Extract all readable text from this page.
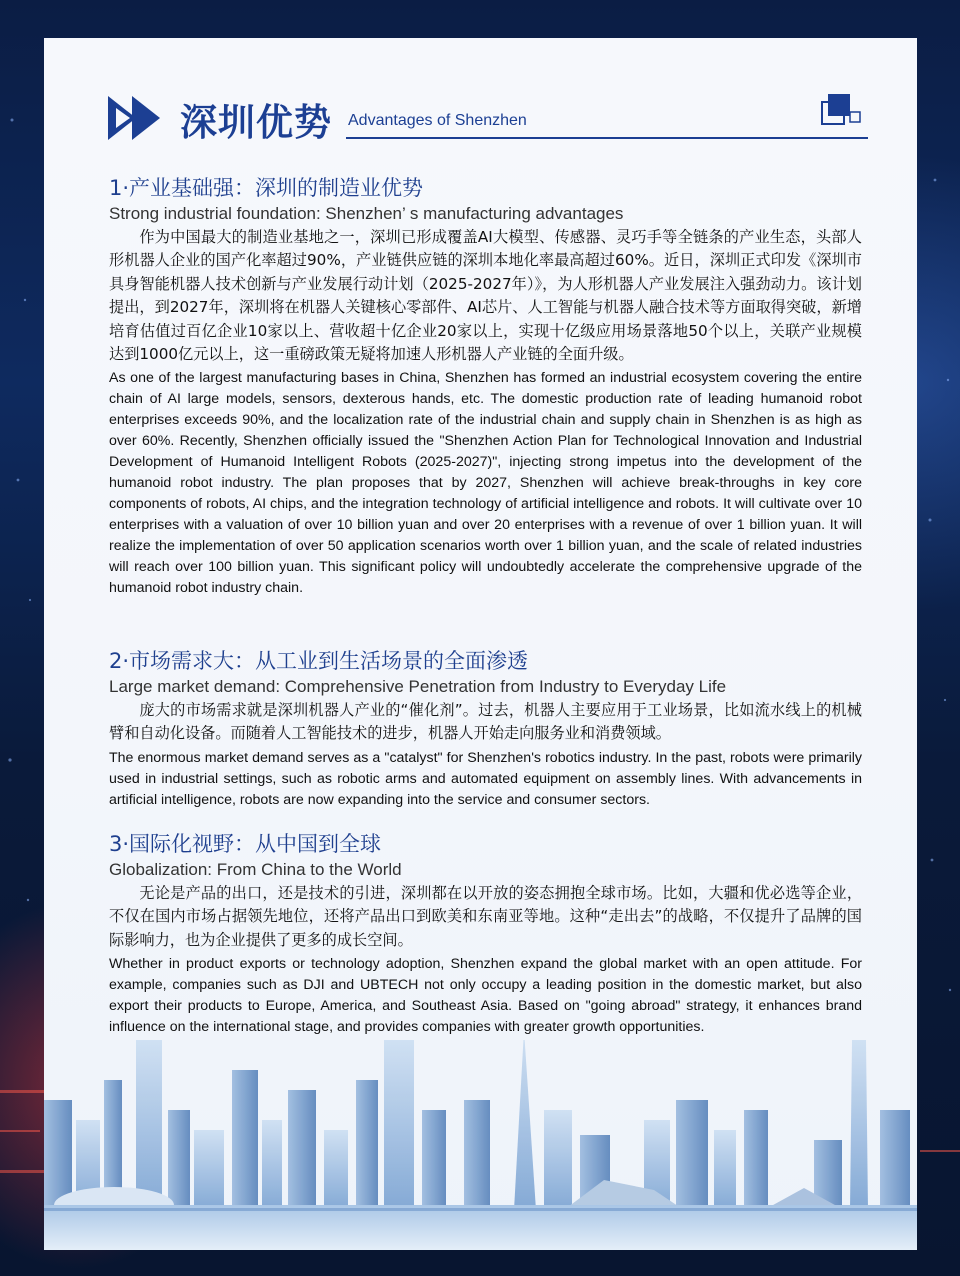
深圳优势 Advantages of Shenzhen
1·产业基础强：深圳的制造业优势
Strong industrial foundation: Shenzhen’ s manufacturing advantages
作为中国最大的制造业基地之一，深圳已形成覆盖AI大模型、传感器、灵巧手等全链条的产业生态，头部人形机器人企业的国产化率超过90%，产业链供应链的深圳本地化率最高超过60%。近日，深圳正式印发《深圳市具身智能机器人技术创新与产业发展行动计划（2025-2027年）》，为人形机器人产业发展注入强劲动力。该计划提出，到2027年，深圳将在机器人关键核心零部件、AI芯片、人工智能与机器人融合技术等方面取得突破，新增培育估值过百亿企业10家以上、营收超十亿企业20家以上，实现十亿级应用场景落地50个以上，关联产业规模达到1000亿元以上，这一重磅政策无疑将加速人形机器人产业链的全面升级。
As one of the largest manufacturing bases in China, Shenzhen has formed an industrial ecosystem covering the entire chain of AI large models, sensors, dexterous hands, etc. The domestic production rate of leading humanoid robot enterprises exceeds 90%, and the localization rate of the industrial chain and supply chain in Shenzhen is as high as over 60%. Recently, Shenzhen officially issued the "Shenzhen Action Plan for Technological Innovation and Industrial Development of Humanoid Intelligent Robots (2025-2027)", injecting strong impetus into the development of the humanoid robot industry. The plan proposes that by 2027, Shenzhen will achieve break-throughs in key core components of robots, AI chips, and the integration technology of artificial intelligence and robots. It will cultivate over 10 enterprises with a valuation of over 10 billion yuan and over 20 enterprises with a revenue of over 1 billion yuan. It will realize the implementation of over 50 application scenarios worth over 1 billion yuan, and the scale of related industries will reach over 100 billion yuan. This significant policy will undoubtedly accelerate the comprehensive upgrade of the humanoid robot industry chain.
2·市场需求大：从工业到生活场景的全面渗透
Large market demand: Comprehensive Penetration from Industry to Everyday Life
庞大的市场需求就是深圳机器人产业的“催化剂”。过去，机器人主要应用于工业场景，比如流水线上的机械臂和自动化设备。而随着人工智能技术的进步，机器人开始走向服务业和消费领域。
The enormous market demand serves as a "catalyst" for Shenzhen's robotics industry. In the past, robots were primarily used in industrial settings, such as robotic arms and automated equipment on assembly lines. With advancements in artificial intelligence, robots are now expanding into the service and consumer sectors.
3·国际化视野：从中国到全球
Globalization: From China to the World
无论是产品的出口，还是技术的引进，深圳都在以开放的姿态拥抱全球市场。比如，大疆和优必选等企业，不仅在国内市场占据领先地位，还将产品出口到欧美和东南亚等地。这种“走出去”的战略，不仅提升了品牌的国际影响力，也为企业提供了更多的成长空间。
Whether in product exports or technology adoption, Shenzhen expand the global market with an open attitude. For example, companies such as DJI and UBTECH not only occupy a leading position in the domestic market, but also export their products to Europe, America, and Southeast Asia. Based on "going abroad" strategy, it enhances brand influence on the international stage, and provides companies with greater growth opportunities.
